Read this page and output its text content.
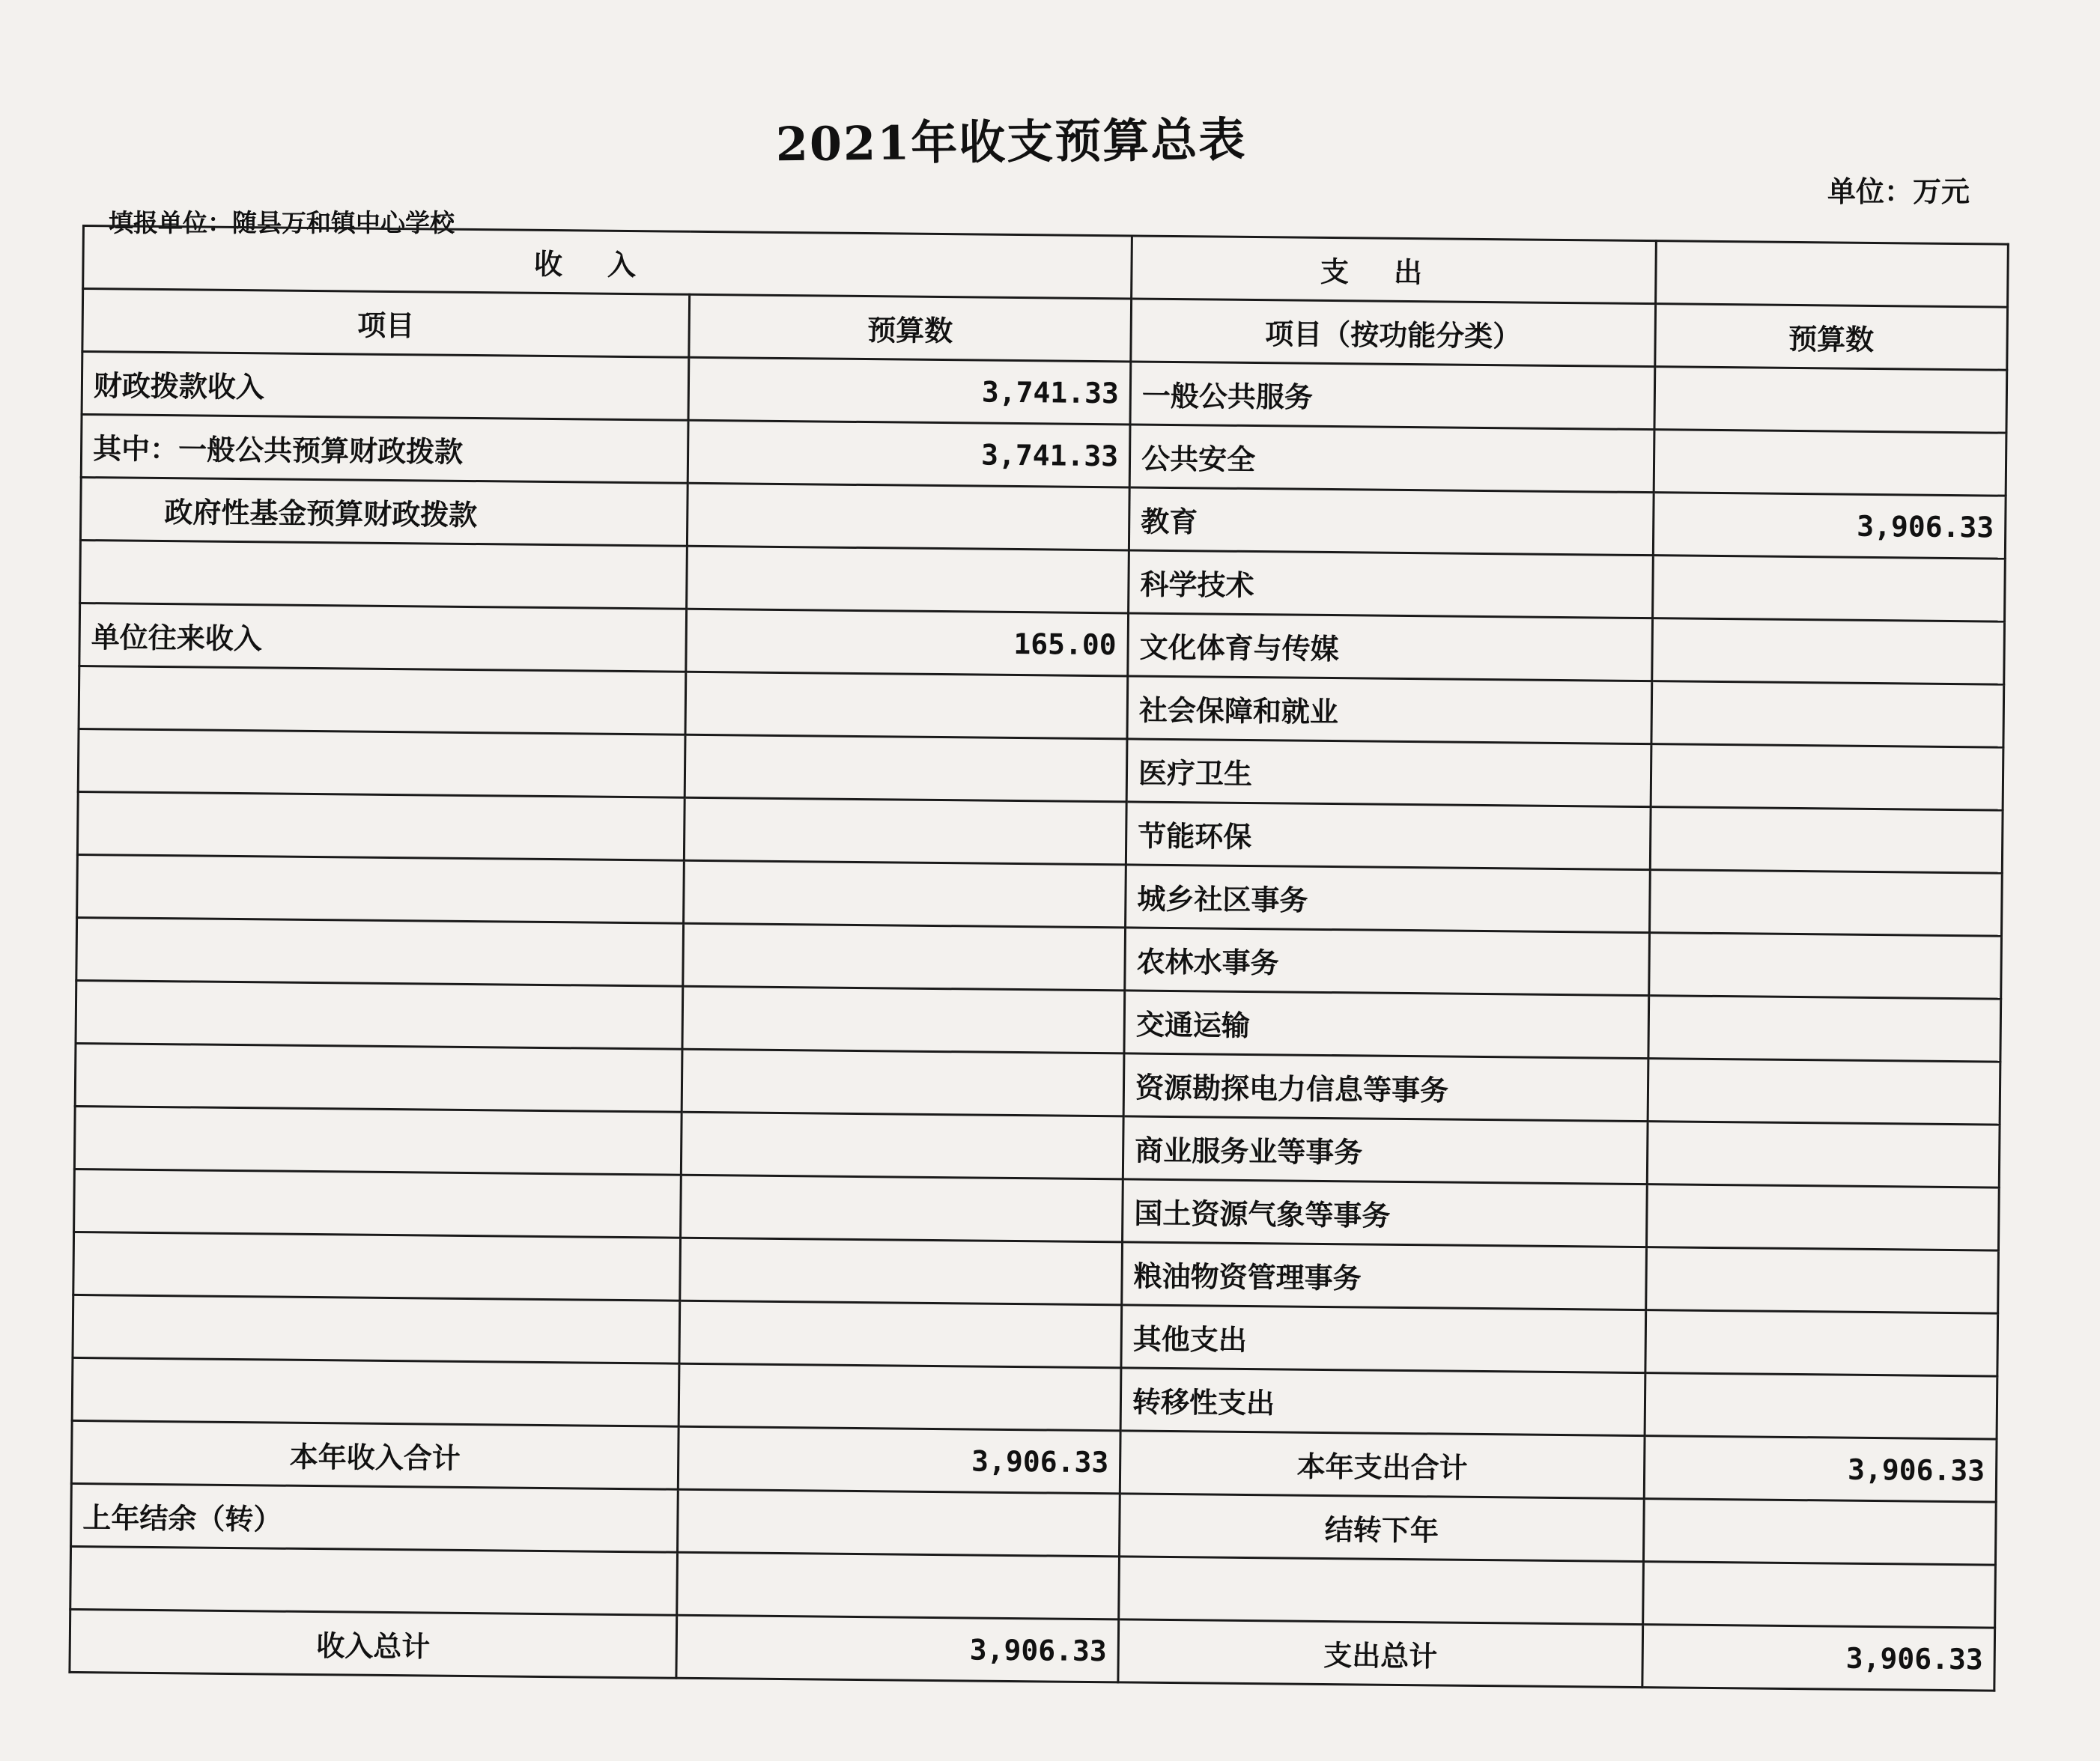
2021年收支预算总表
单位：万元
填报单位：随县万和镇中心学校
收入		支出	
项目	预算数	项目（按功能分类）	预算数
财政拨款收入	3,741.33	一般公共服务	
其中：一般公共预算财政拨款	3,741.33	公共安全	
政府性基金预算财政拨款		教育	3,906.33
		科学技术	
单位往来收入	165.00	文化体育与传媒	
		社会保障和就业	
		医疗卫生	
		节能环保	
		城乡社区事务	
		农林水事务	
		交通运输	
		资源勘探电力信息等事务	
		商业服务业等事务	
		国土资源气象等事务	
		粮油物资管理事务	
		其他支出	
		转移性支出	
本年收入合计	3,906.33	本年支出合计	3,906.33
上年结余（转）		结转下年	

收入总计	3,906.33	支出总计	3,906.33
